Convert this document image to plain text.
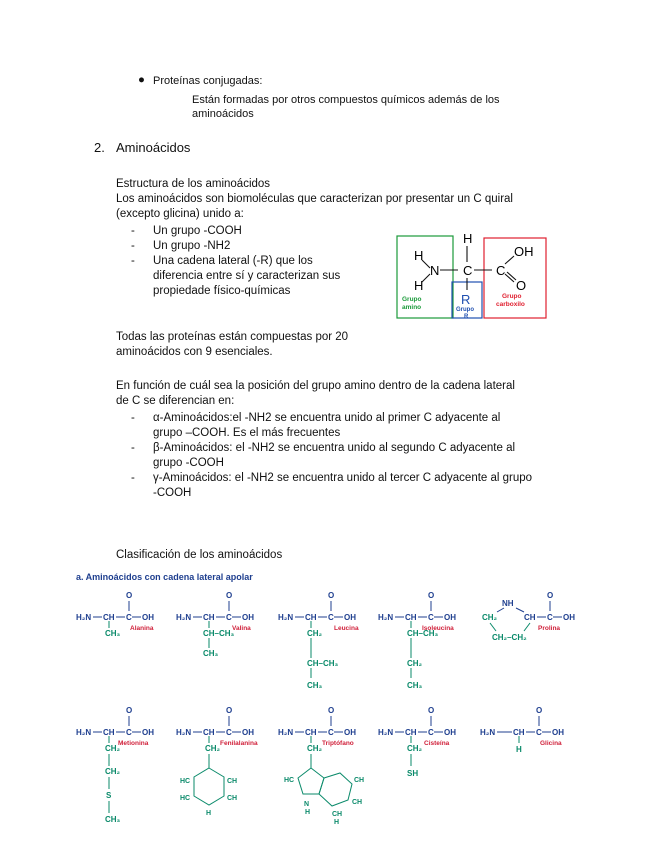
● Proteínas conjugadas:
Están formadas por otros compuestos químicos además de los
aminoácidos
2. Aminoácidos
Estructura de los aminoácidos
Los aminoácidos son biomoléculas que caracterizan por presentar un C quiral
(excepto glicina) unido a:
- Un grupo -COOH
- Un grupo -NH2
- Una cadena lateral (-R) que los
diferencia entre sí y caracterizan sus
propiedade físico-químicas
H
H
N C
H
R
C
OH
O
Grupo
amino	Grupo
R
Grupo
carboxilo
Todas las proteínas están compuestas por 20
aminoácidos con 9 esenciales.
En función de cuál sea la posición del grupo amino dentro de la cadena lateral
de C se diferencian en:
- α-Aminoácidos:el -NH2 se encuentra unido al primer C adyacente al
grupo –COOH. Es el más frecuentes
- β-Aminoácidos: el -NH2 se encuentra unido al segundo C adyacente al
grupo -COOH
- γ-Aminoácidos: el -NH2 se encuentra unido al tercer C adyacente al grupo
-COOH
Clasificación de los aminoácidos
a. Aminoácidos con cadena lateral apolar
H₂N CH C OH
O
CH₃
Alanina
H₂N CH C OH
O
CH–CH₃
CH₃
Valina
H₂N CH C OH
O
CH₂
CH–CH₃
CH₃
Leucina
H₂N CH C OH
O
CH–CH₃
CH₂
CH₃
Isoleucina
NH
CH₂	CH C OH
O
CH₂–CH₂
Prolina
H₂N CH C OH
O
CH₂
CH₂
S
CH₃
Metionina
H₂N CH C OH
O
CH₂
HC	CH
HC	CH
H
Fenilalanina
H₂N CH C OH
O
CH₂
HC
N
H
CH
CH
CH
H
Triptófano
H₂N CH C OH
O
CH₂
SH
Cisteína
H₂N CH C OH
O
H
Glicina
